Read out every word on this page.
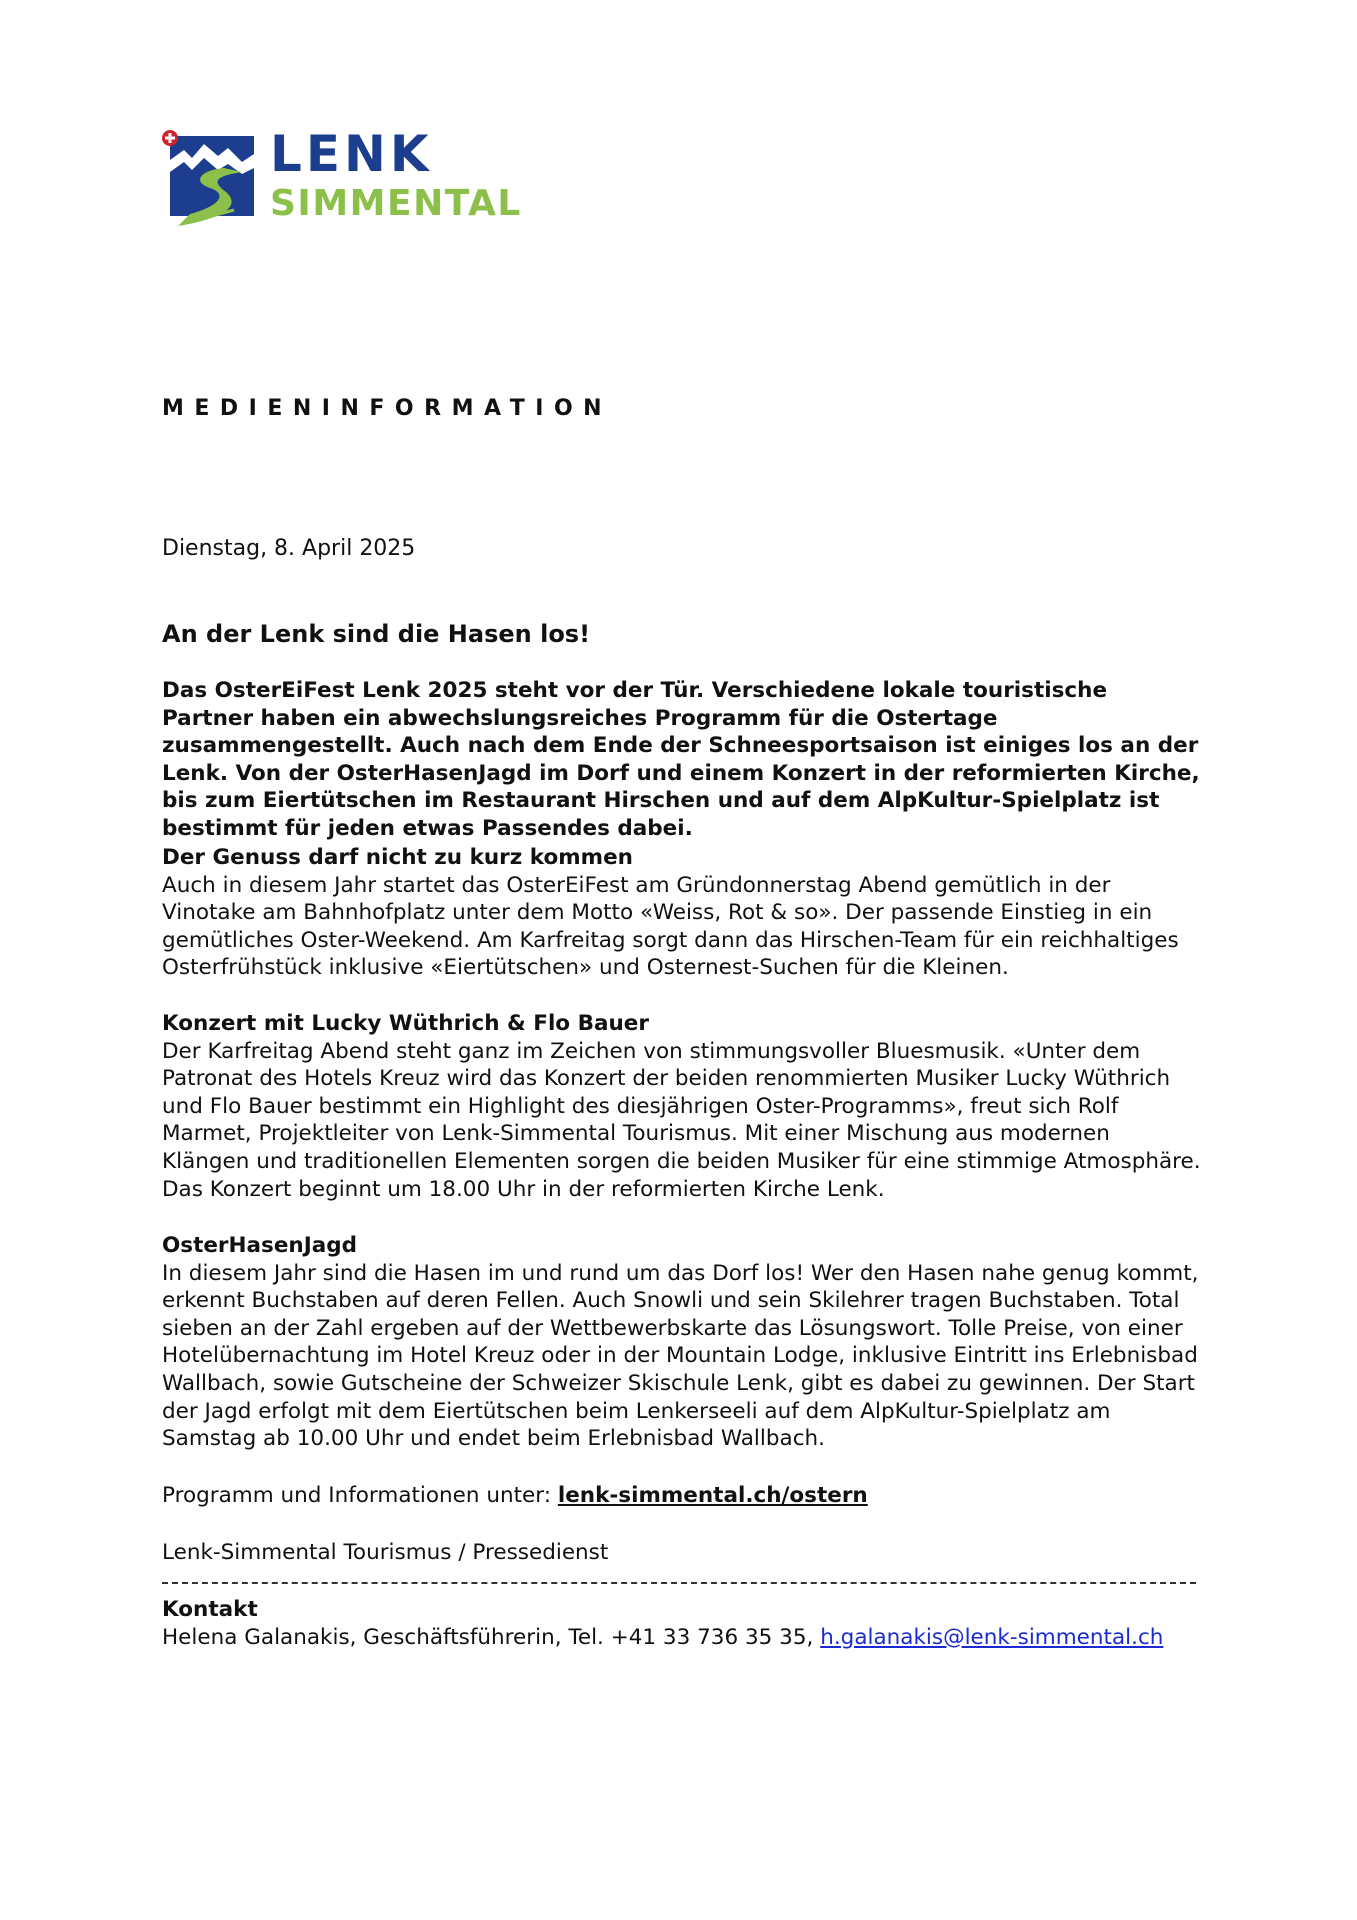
LENK
SIMMENTAL
MEDIENINFORMATION
Dienstag, 8. April 2025
An der Lenk sind die Hasen los!
Das OsterEiFest Lenk 2025 steht vor der Tür. Verschiedene lokale touristische Partner haben ein abwechslungsreiches Programm für die Ostertage zusammengestellt. Auch nach dem Ende der Schneesportsaison ist einiges los an der Lenk. Von der OsterHasenJagd im Dorf und einem Konzert in der reformierten Kirche, bis zum Eiertütschen im Restaurant Hirschen und auf dem AlpKultur-Spielplatz ist bestimmt für jeden etwas Passendes dabei.
Der Genuss darf nicht zu kurz kommen

Auch in diesem Jahr startet das OsterEiFest am Gründonnerstag Abend gemütlich in der Vinotake am Bahnhofplatz unter dem Motto «Weiss, Rot & so». Der passende Einstieg in ein gemütliches Oster-Weekend. Am Karfreitag sorgt dann das Hirschen-Team für ein reichhaltiges Osterfrühstück inklusive «Eiertütschen» und Osternest-Suchen für die Kleinen.

Konzert mit Lucky Wüthrich & Flo Bauer

Der Karfreitag Abend steht ganz im Zeichen von stimmungsvoller Bluesmusik. «Unter dem Patronat des Hotels Kreuz wird das Konzert der beiden renommierten Musiker Lucky Wüthrich und Flo Bauer bestimmt ein Highlight des diesjährigen Oster-Programms», freut sich Rolf Marmet, Projektleiter von Lenk-Simmental Tourismus. Mit einer Mischung aus modernen Klängen und traditionellen Elementen sorgen die beiden Musiker für eine stimmige Atmosphäre. Das Konzert beginnt um 18.00 Uhr in der reformierten Kirche Lenk.

OsterHasenJagd

In diesem Jahr sind die Hasen im und rund um das Dorf los! Wer den Hasen nahe genug kommt, erkennt Buchstaben auf deren Fellen. Auch Snowli und sein Skilehrer tragen Buchstaben. Total sieben an der Zahl ergeben auf der Wettbewerbskarte das Lösungswort. Tolle Preise, von einer Hotelübernachtung im Hotel Kreuz oder in der Mountain Lodge, inklusive Eintritt ins Erlebnisbad Wallbach, sowie Gutscheine der Schweizer Skischule Lenk, gibt es dabei zu gewinnen. Der Start der Jagd erfolgt mit dem Eiertütschen beim Lenkerseeli auf dem AlpKultur-Spielplatz am Samstag ab 10.00 Uhr und endet beim Erlebnisbad Wallbach.

Programm und Informationen unter: lenk-simmental.ch/ostern
Lenk-Simmental Tourismus / Pressedienst
Kontakt

Helena Galanakis, Geschäftsführerin, Tel. +41 33 736 35 35, h.galanakis@lenk-simmental.ch
